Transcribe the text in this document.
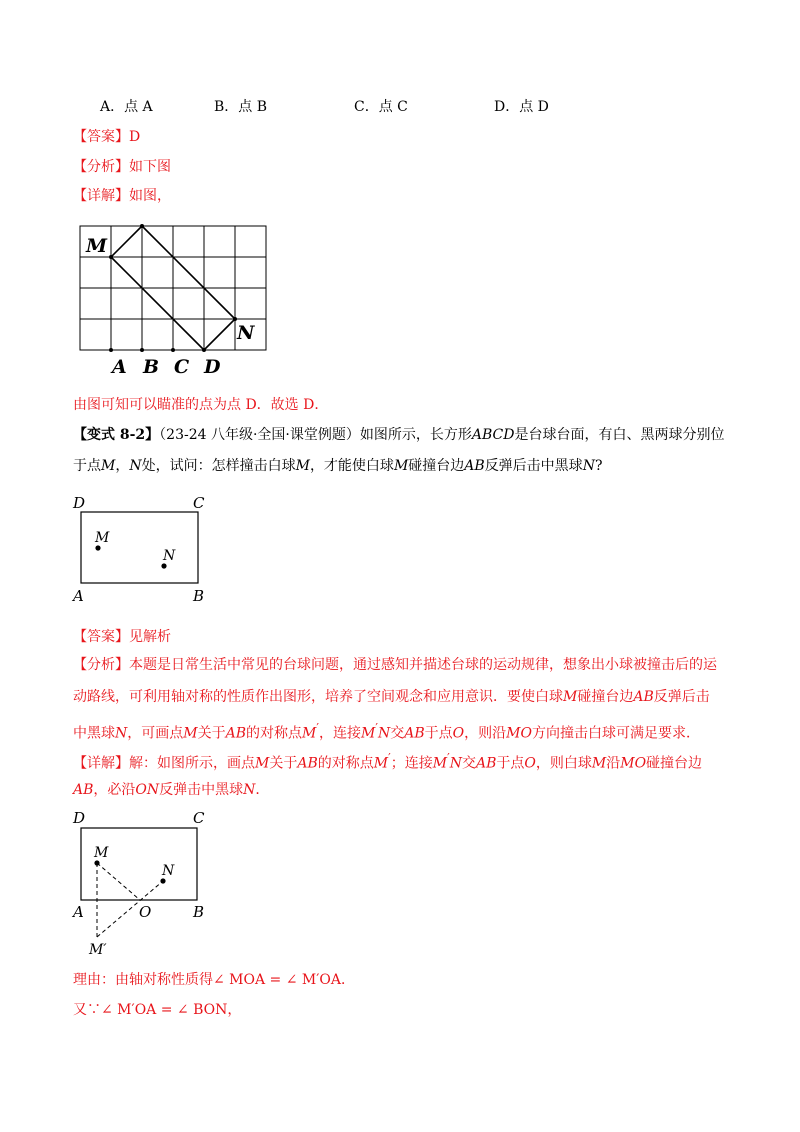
A．点 A	B．点 B	C．点 C	D．点 D
【答案】D
【分析】如下图
【详解】如图，
M
N
A B C D
由图可知可以瞄准的点为点 D．故选 D．
【变式 8-2】（23-24 八年级·全国·课堂例题）如图所示，长方形ABCD是台球台面，有白、黑两球分别位
于点M，N处，试问：怎样撞击白球M，才能使白球M碰撞台边AB反弹后击中黑球N?
D	C
A	B
M
N
【答案】见解析
【分析】本题是日常生活中常见的台球问题，通过感知并描述台球的运动规律，想象出小球被撞击后的运
动路线，可利用轴对称的性质作出图形，培养了空间观念和应用意识．要使白球M碰撞台边AB反弹后击
中黑球N，可画点M关于AB的对称点M′，连接M′N交AB于点O，则沿MO方向撞击白球可满足要求．
【详解】解：如图所示，画点M关于AB的对称点M′；连接M′N交AB于点O，则白球M沿MO碰撞台边
AB，必沿ON反弹击中黑球N．
D	C
A	B
O
M
N
M′
理由：由轴对称性质得∠ MOA = ∠ M′OA．
又∵∠ M′OA = ∠ BON，
